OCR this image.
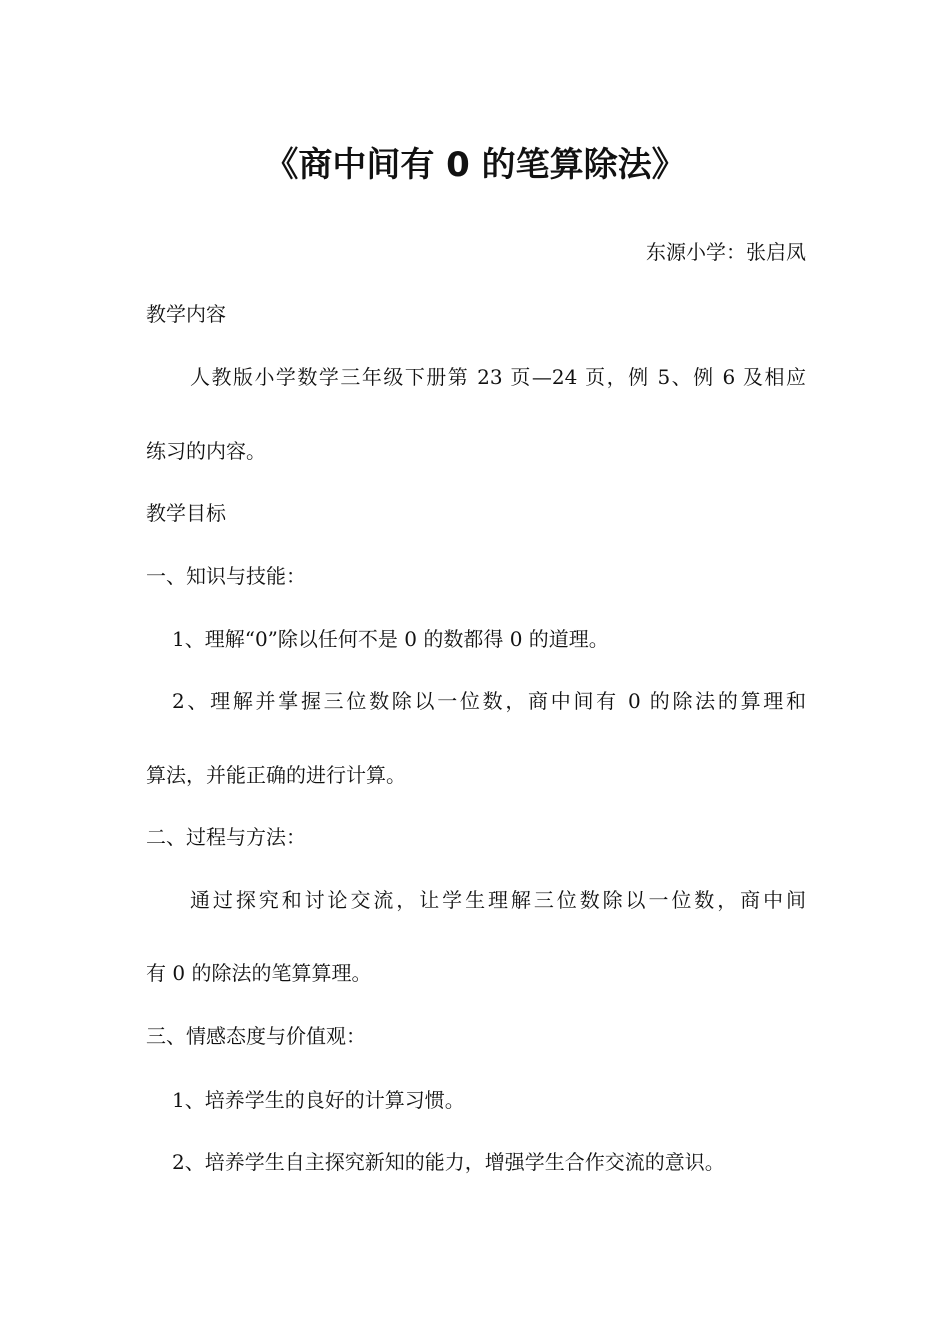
《商中间有 0 的笔算除法》
东源小学：张启凤
教学内容
人教版小学数学三年级下册第 23 页—24 页，例 5、例 6 及相应
练习的内容。
教学目标
一、知识与技能：
1、理解“0”除以任何不是 0 的数都得 0 的道理。
2、理解并掌握三位数除以一位数，商中间有 0 的除法的算理和
算法，并能正确的进行计算。
二、过程与方法：
通过探究和讨论交流，让学生理解三位数除以一位数，商中间
有 0 的除法的笔算算理。
三、情感态度与价值观：
1、培养学生的良好的计算习惯。
2、培养学生自主探究新知的能力，增强学生合作交流的意识。
